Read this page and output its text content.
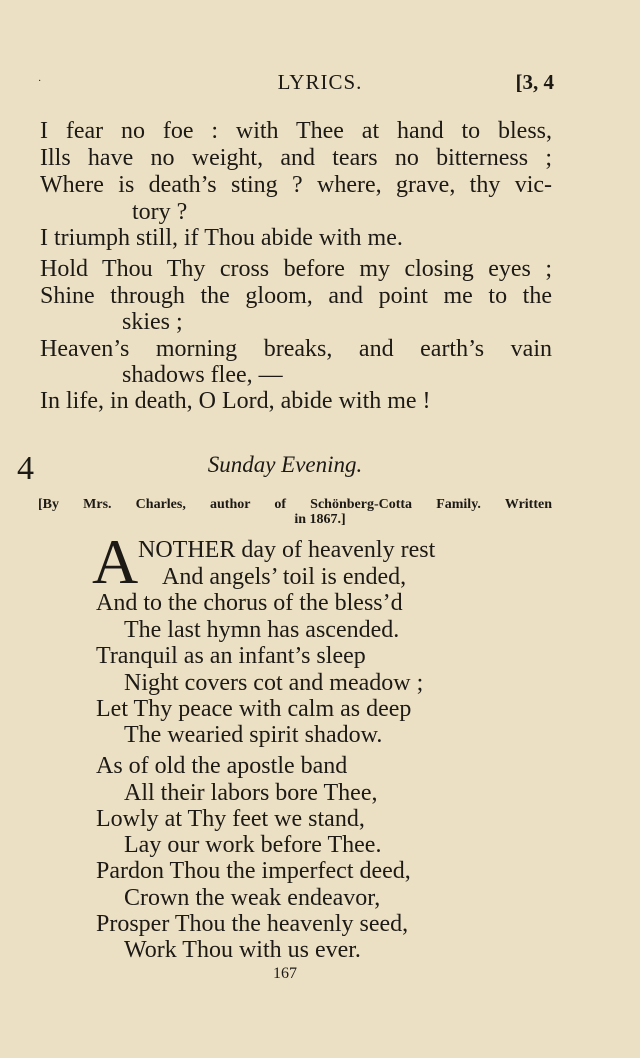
·	LYRICS.	[3, 4
I fear no foe : with Thee at hand to bless,
Ills have no weight, and tears no bitterness ;
Where is death’s sting ? where, grave, thy vic-
tory ?
I triumph still, if Thou abide with me.
Hold Thou Thy cross before my closing eyes ;
Shine through the gloom, and point me to the
skies ;
Heaven’s morning breaks, and earth’s vain
shadows flee, —
In life, in death, O Lord, abide with me !
4	Sunday Evening.
[By Mrs. Charles, author of Schönberg-Cotta Family. Written
in 1867.]
A NOTHER day of heavenly rest
And angels’ toil is ended,
And to the chorus of the bless’d
The last hymn has ascended.
Tranquil as an infant’s sleep
Night covers cot and meadow ;
Let Thy peace with calm as deep
The wearied spirit shadow.
As of old the apostle band
All their labors bore Thee,
Lowly at Thy feet we stand,
Lay our work before Thee.
Pardon Thou the imperfect deed,
Crown the weak endeavor,
Prosper Thou the heavenly seed,
Work Thou with us ever.
167
